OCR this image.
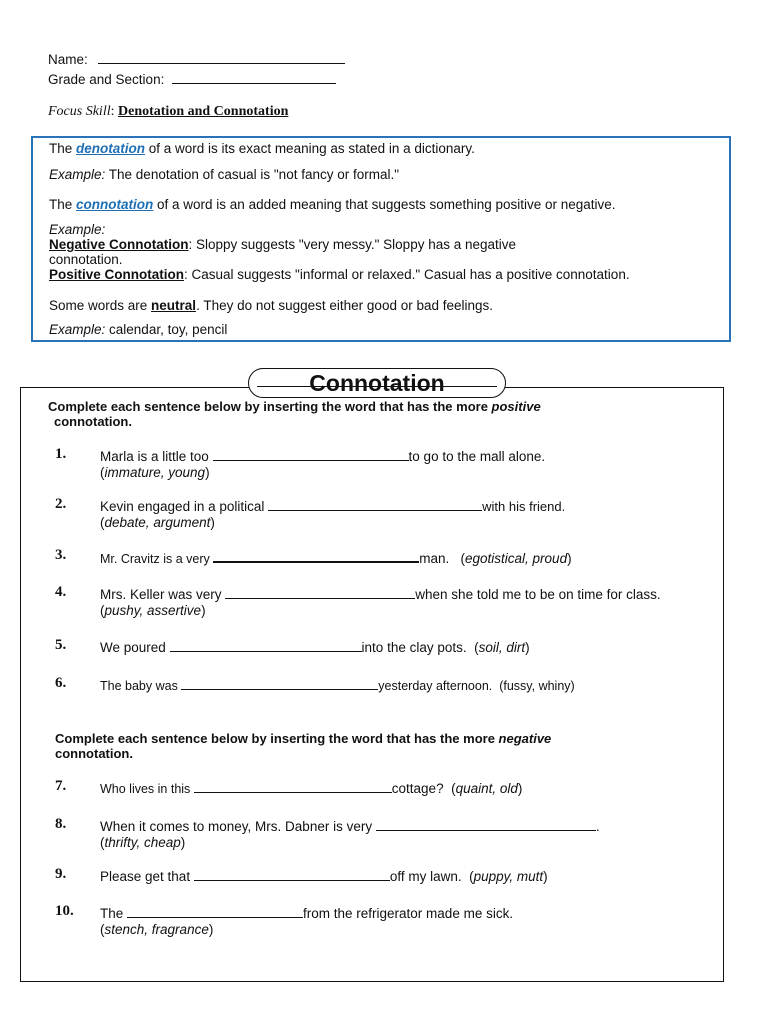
Name:
Grade and Section:
Focus Skill: Denotation and Connotation

The denotation of a word is its exact meaning as stated in a dictionary.

Example: The denotation of casual is "not fancy or formal."

The connotation of a word is an added meaning that suggests something positive or negative.

Example:

Negative Connotation: Sloppy suggests "very messy." Sloppy has a negative

connotation.

Positive Connotation: Casual suggests "informal or relaxed." Casual has a positive connotation.

Some words are neutral. They do not suggest either good or bad feelings.

Example: calendar, toy, pencil

Connotation
Complete each sentence below by inserting the word that has the more positive
connotation.
1.	Marla is a little too	to go to the mall alone.
(immature, young)
2.	Kevin engaged in a political	with his friend.
(debate, argument)
3.	Mr. Cravitz is a very	man.   (egotistical, proud)
4.	Mrs. Keller was very	when she told me to be on time for class.
(pushy, assertive)
5.	We poured	into the clay pots.  (soil, dirt)
6.	The baby was	yesterday afternoon. (fussy, whiny)
Complete each sentence below by inserting the word that has the more negative
connotation.
7.	Who lives in this	cottage?  (quaint, old)
8.	When it comes to money, Mrs. Dabner is very	.
(thrifty, cheap)
9.	Please get that	off my lawn.  (puppy, mutt)
10. The	from the refrigerator made me sick.
(stench, fragrance)
